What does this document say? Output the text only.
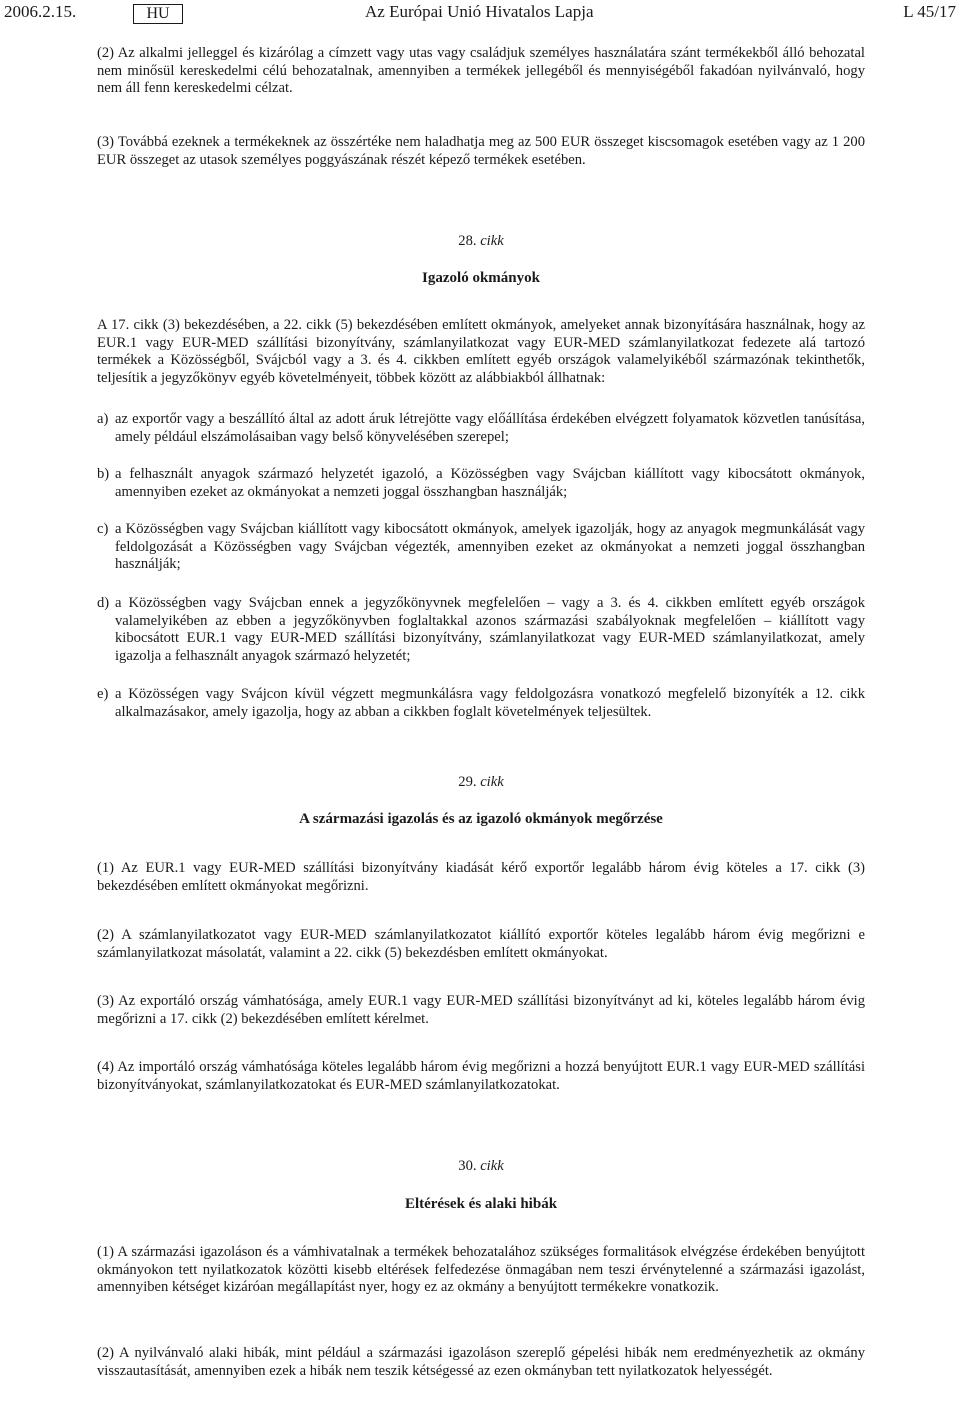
2006.2.15.	HU	Az Európai Unió Hivatalos Lapja	L 45/17

(2) Az alkalmi jelleggel és kizárólag a címzett vagy utas vagy családjuk személyes használatára szánt termékekből álló behozatal nem minősül kereskedelmi célú behozatalnak, amennyiben a termékek jellegéből és mennyiségéből fakadóan nyilvánvaló, hogy nem áll fenn kereskedelmi célzat.

(3) Továbbá ezeknek a termékeknek az összértéke nem haladhatja meg az 500 EUR összeget kiscsomagok esetében vagy az 1 200 EUR összeget az utasok személyes poggyászának részét képező termékek esetében.

28. cikk
Igazoló okmányok

A 17. cikk (3) bekezdésében, a 22. cikk (5) bekezdésében említett okmányok, amelyeket annak bizonyítására használnak, hogy az EUR.1 vagy EUR-MED szállítási bizonyítvány, számlanyilatkozat vagy EUR-MED számlanyilatkozat fedezete alá tartozó termékek a Közösségből, Svájcból vagy a 3. és 4. cikkben említett egyéb országok valamelyikéből származónak tekinthetők, teljesítik a jegyzőkönyv egyéb követelményeit, többek között az alábbiakból állhatnak:

a) az exportőr vagy a beszállító által az adott áruk létrejötte vagy előállítása érdekében elvégzett folyamatok közvetlen tanúsítása, amely például elszámolásaiban vagy belső könyvelésében szerepel;
b) a felhasznált anyagok származó helyzetét igazoló, a Közösségben vagy Svájcban kiállított vagy kibocsátott okmányok, amennyiben ezeket az okmányokat a nemzeti joggal összhangban használják;
c) a Közösségben vagy Svájcban kiállított vagy kibocsátott okmányok, amelyek igazolják, hogy az anyagok megmunkálását vagy feldolgozását a Közösségben vagy Svájcban végezték, amennyiben ezeket az okmányokat a nemzeti joggal összhangban használják;
d) a Közösségben vagy Svájcban ennek a jegyzőkönyvnek megfelelően – vagy a 3. és 4. cikkben említett egyéb országok valamelyikében az ebben a jegyzőkönyvben foglaltakkal azonos származási szabályoknak megfelelően – kiállított vagy kibocsátott EUR.1 vagy EUR-MED szállítási bizonyítvány, számlanyilatkozat vagy EUR-MED számlanyilatkozat, amely igazolja a felhasznált anyagok származó helyzetét;
e) a Közösségen vagy Svájcon kívül végzett megmunkálásra vagy feldolgozásra vonatkozó megfelelő bizonyíték a 12. cikk alkalmazásakor, amely igazolja, hogy az abban a cikkben foglalt követelmények teljesültek.
29. cikk
A származási igazolás és az igazoló okmányok megőrzése

(1) Az EUR.1 vagy EUR-MED szállítási bizonyítvány kiadását kérő exportőr legalább három évig köteles a 17. cikk (3) bekezdésében említett okmányokat megőrizni.

(2) A számlanyilatkozatot vagy EUR-MED számlanyilatkozatot kiállító exportőr köteles legalább három évig megőrizni e számlanyilatkozat másolatát, valamint a 22. cikk (5) bekezdésben említett okmányokat.

(3) Az exportáló ország vámhatósága, amely EUR.1 vagy EUR-MED szállítási bizonyítványt ad ki, köteles legalább három évig megőrizni a 17. cikk (2) bekezdésében említett kérelmet.

(4) Az importáló ország vámhatósága köteles legalább három évig megőrizni a hozzá benyújtott EUR.1 vagy EUR-MED szállítási bizonyítványokat, számlanyilatkozatokat és EUR-MED számlanyilatkozatokat.

30. cikk
Eltérések és alaki hibák

(1) A származási igazoláson és a vámhivatalnak a termékek behozatalához szükséges formalitások elvégzése érdekében benyújtott okmányokon tett nyilatkozatok közötti kisebb eltérések felfedezése önmagában nem teszi érvénytelenné a származási igazolást, amennyiben kétséget kizáróan megállapítást nyer, hogy ez az okmány a benyújtott termékekre vonatkozik.

(2) A nyilvánvaló alaki hibák, mint például a származási igazoláson szereplő gépelési hibák nem eredményezhetik az okmány visszautasítását, amennyiben ezek a hibák nem teszik kétségessé az ezen okmányban tett nyilatkozatok helyességét.
